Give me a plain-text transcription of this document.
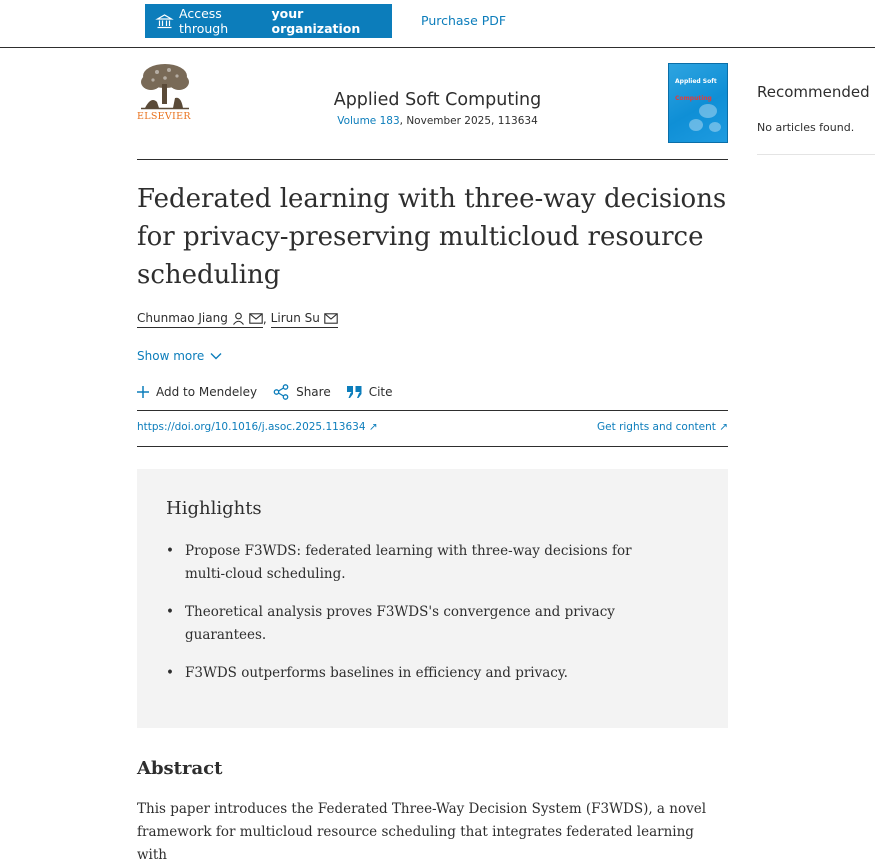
Access through
your organization
Purchase PDF
ELSEVIER
Applied Soft Computing
Volume 183, November 2025, 113634
Applied Soft
Computing	Recommended
No articles found.
Federated learning with three-way decisions for privacy-preserving multicloud resource scheduling
Chunmao Jiang	, Lirun Su
Show more
Add to Mendeley	Share	Cite
https://doi.org/10.1016/j.asoc.2025.113634 ↗	Get rights and content ↗
Highlights
• Propose F3WDS: federated learning with three-way decisions for multi-cloud scheduling.
• Theoretical analysis proves F3WDS's convergence and privacy guarantees.
• F3WDS outperforms baselines in efficiency and privacy.
Abstract

This paper introduces the Federated Three-Way Decision System (F3WDS), a novel framework for multicloud resource scheduling that integrates federated learning with
